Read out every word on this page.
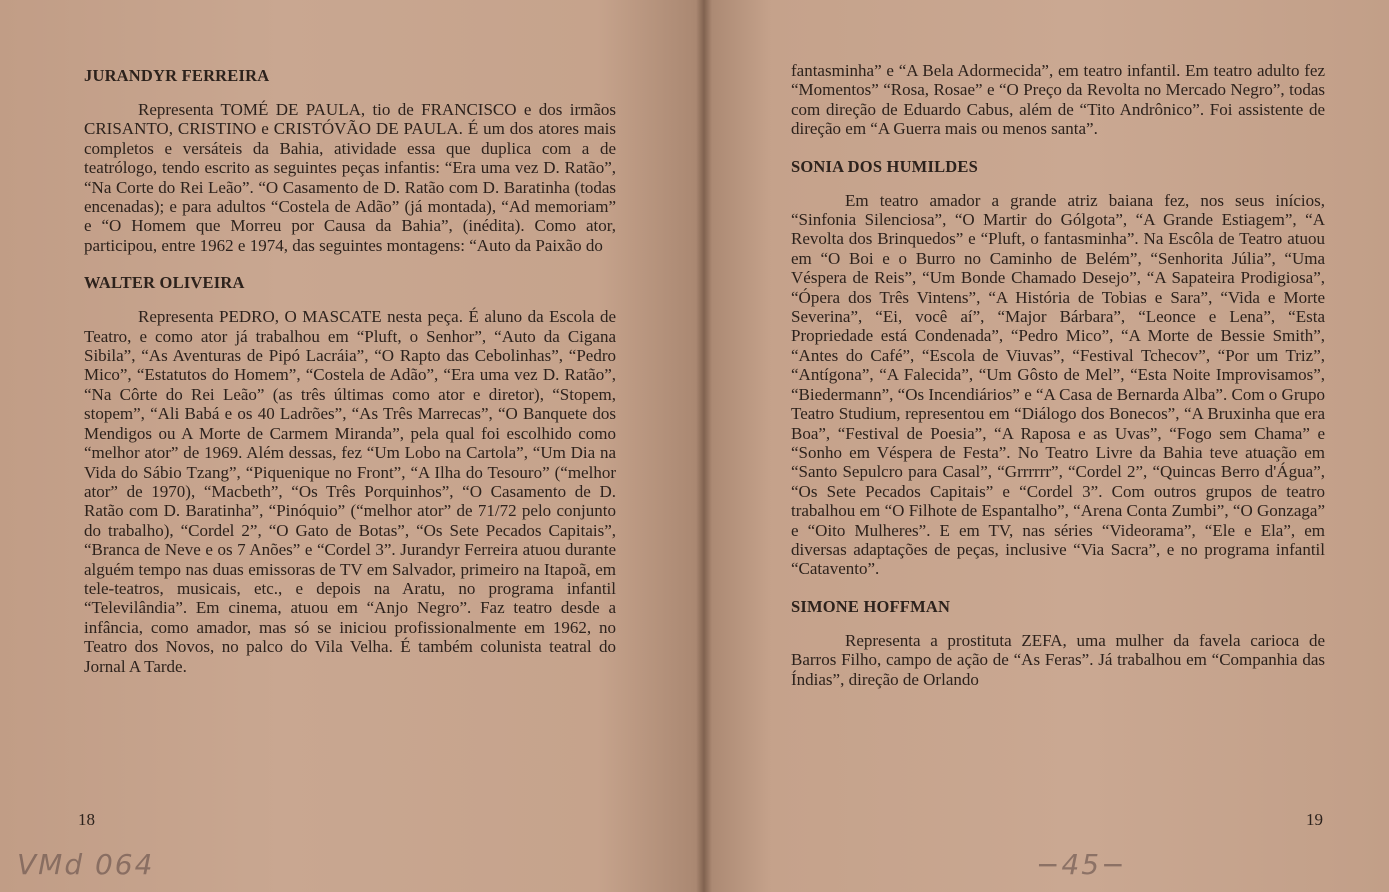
JURANDYR FERREIRA

Representa TOMÉ DE PAULA, tio de FRANCISCO e dos irmãos CRISANTO, CRISTINO e CRISTÓVÃO DE PAULA. É um dos atores mais completos e versáteis da Bahia, atividade essa que duplica com a de teatrólogo, tendo escrito as seguintes peças infantis: “Era uma vez D. Ratão”, “Na Corte do Rei Leão”. “O Casamento de D. Ratão com D. Baratinha (todas encenadas); e para adultos “Costela de Adão” (já montada), “Ad memoriam” e “O Homem que Morreu por Causa da Bahia”, (inédita). Como ator, participou, entre 1962 e 1974, das seguintes montagens: “Auto da Paixão do

WALTER OLIVEIRA

Representa PEDRO, O MASCATE nesta peça. É aluno da Escola de Teatro, e como ator já trabalhou em “Pluft, o Senhor”, “Auto da Cigana Sibila”, “As Aventuras de Pipó Lacráia”, “O Rapto das Cebolinhas”, “Pedro Mico”, “Estatutos do Homem”, “Costela de Adão”, “Era uma vez D. Ratão”, “Na Côrte do Rei Leão” (as três últimas como ator e diretor), “Stopem, stopem”, “Ali Babá e os 40 Ladrões”, “As Três Marrecas”, “O Banquete dos Mendigos ou A Morte de Carmem Miranda”, pela qual foi escolhido como “melhor ator” de 1969. Além dessas, fez “Um Lobo na Cartola”, “Um Dia na Vida do Sábio Tzang”, “Piquenique no Front”, “A Ilha do Tesouro” (“melhor ator” de 1970), “Macbeth”, “Os Três Porquinhos”, “O Casamento de D. Ratão com D. Baratinha”, “Pinóquio” (“melhor ator” de 71/72 pelo conjunto do trabalho), “Cordel 2”, “O Gato de Botas”, “Os Sete Pecados Capitais”, “Branca de Neve e os 7 Anões” e “Cordel 3”. Jurandyr Ferreira atuou durante alguém tempo nas duas emissoras de TV em Salvador, primeiro na Itapoã, em tele-teatros, musicais, etc., e depois na Aratu, no programa infantil “Televilândia”. Em cinema, atuou em “Anjo Negro”. Faz teatro desde a infância, como amador, mas só se iniciou profissionalmente em 1962, no Teatro dos Novos, no palco do Vila Velha. É também colunista teatral do Jornal A Tarde.

18
VMd 064

fantasminha” e “A Bela Adormecida”, em teatro infantil. Em teatro adulto fez “Momentos” “Rosa, Rosae” e “O Preço da Revolta no Mercado Negro”, todas com direção de Eduardo Cabus, além de “Tito Andrônico”. Foi assistente de direção em “A Guerra mais ou menos santa”.

SONIA DOS HUMILDES

Em teatro amador a grande atriz baiana fez, nos seus inícios, “Sinfonia Silenciosa”, “O Martir do Gólgota”, “A Grande Estiagem”, “A Revolta dos Brinquedos” e “Pluft, o fantasminha”. Na Escôla de Teatro atuou em “O Boi e o Burro no Caminho de Belém”, “Senhorita Júlia”, “Uma Véspera de Reis”, “Um Bonde Chamado Desejo”, “A Sapateira Prodigiosa”, “Ópera dos Três Vintens”, “A História de Tobias e Sara”, “Vida e Morte Severina”, “Ei, você aí”, “Major Bárbara”, “Leonce e Lena”, “Esta Propriedade está Condenada”, “Pedro Mico”, “A Morte de Bessie Smith”, “Antes do Café”, “Escola de Viuvas”, “Festival Tchecov”, “Por um Triz”, “Antígona”, “A Falecida”, “Um Gôsto de Mel”, “Esta Noite Improvisamos”, “Biedermann”, “Os Incendiários” e “A Casa de Bernarda Alba”. Com o Grupo Teatro Studium, representou em “Diálogo dos Bonecos”, “A Bruxinha que era Boa”, “Festival de Poesia”, “A Raposa e as Uvas”, “Fogo sem Chama” e “Sonho em Véspera de Festa”. No Teatro Livre da Bahia teve atuação em “Santo Sepulcro para Casal”, “Grrrrrr”, “Cordel 2”, “Quincas Berro d'Água”, “Os Sete Pecados Capitais” e “Cordel 3”. Com outros grupos de teatro trabalhou em “O Filhote de Espantalho”, “Arena Conta Zumbi”, “O Gonzaga” e “Oito Mulheres”. E em TV, nas séries “Videorama”, “Ele e Ela”, em diversas adaptações de peças, inclusive “Via Sacra”, e no programa infantil “Catavento”.

SIMONE HOFFMAN

Representa a prostituta ZEFA, uma mulher da favela carioca de Barros Filho, campo de ação de “As Feras”. Já trabalhou em “Companhia das Índias”, direção de Orlando

19
−45−
